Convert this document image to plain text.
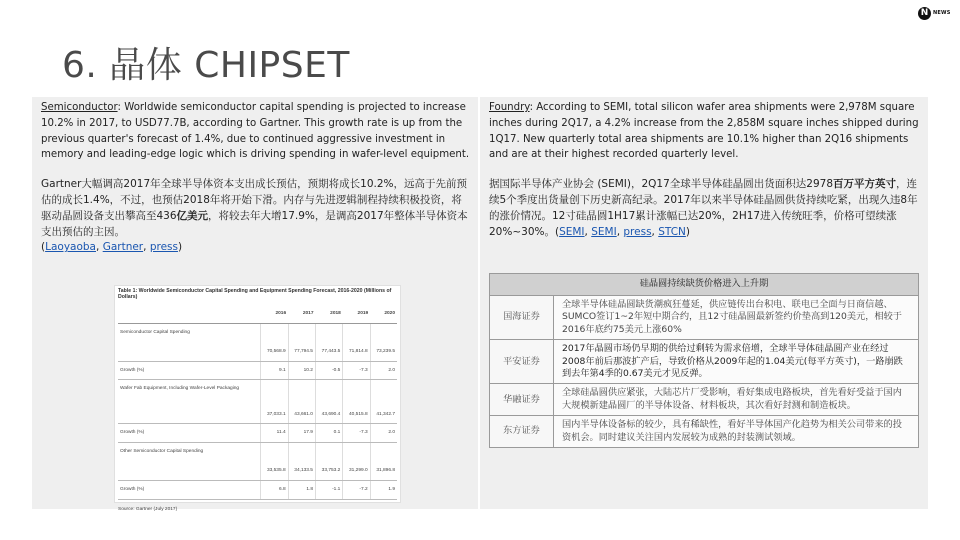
N NEWS
6. 晶体 CHIPSET

Semiconductor: Worldwide semiconductor capital spending is projected to increase 10.2% in 2017, to USD77.7B, according to Gartner. This growth rate is up from the previous quarter's forecast of 1.4%, due to continued aggressive investment in memory and leading-edge logic which is driving spending in wafer-level equipment.

Gartner大幅调高2017年全球半导体资本支出成长预估，预期将成长10.2%，远高于先前预估的成长1.4%，不过，也预估2018年将开始下滑。内存与先进逻辑制程持续积极投资，将驱动晶圆设备支出攀高至436亿美元，将较去年大增17.9%，是调高2017年整体半导体资本支出预估的主因。
(Laoyaoba, Gartner, press)

Table 1: Worldwide Semiconductor Capital Spending and Equipment Spending Forecast, 2016-2020 (Millions of Dollars)
	2016	2017	2018	2019	2020
Semiconductor Capital Spending	70,568.9	77,794.5	77,443.5	71,814.8	73,239.5
Growth (%)	9.1	10.2	-0.5	-7.3	2.0
Wafer Fab Equipment, Including Wafer-Level Packaging	37,033.1	43,661.0	43,690.4	40,515.8	41,342.7
Growth (%)	11.4	17.9	0.1	-7.3	2.0
Other Semiconductor Capital Spending	33,535.8	34,133.5	33,753.2	31,299.0	31,896.8
Growth (%)	6.8	1.8	-1.1	-7.2	1.9
Source: Gartner (July 2017)

Foundry: According to SEMI, total silicon wafer area shipments were 2,978M square inches during 2Q17, a 4.2% increase from the 2,858M square inches shipped during 1Q17. New quarterly total area shipments are 10.1% higher than 2Q16 shipments and are at their highest recorded quarterly level.

据国际半导体产业协会 (SEMI)，2Q17全球半导体硅晶圆出货面积达2978百万平方英寸，连续5个季度出货量创下历史新高纪录。2017年以来半导体硅晶圆供货持续吃紧，出现久违8年的涨价情况。12寸硅晶圆1H17累计涨幅已达20%，2H17进入传统旺季，价格可望续涨20%~30%。(SEMI, SEMI, press, STCN)

硅晶圆持续缺货价格进入上升期	
国海证券	全球半导体硅晶圆缺货潮疯狂蔓延，供应链传出台积电、联电已全面与日商信越、SUMCO签订1~2年短中期合约，且12寸硅晶圆最新签约价垫高到120美元，相较于2016年底约75美元上涨60%
平安证券	2017年晶圆市场仍早期的供给过剩转为需求倍增，全球半导体硅晶圆产业在经过2008年前后那波扩产后，导致价格从2009年起的1.04美元(每平方英寸)，一路崩跌到去年第4季的0.67美元才见反弹。
华融证券	全球硅晶圆供应紧张，大陆芯片厂受影响，看好集成电路板块，首先看好受益于国内大规模新建晶圆厂的半导体设备、材料板块，其次看好封测和制造板块。
东方证券	国内半导体设备标的较少，具有稀缺性，看好半导体国产化趋势为相关公司带来的投资机会。同时建议关注国内发展较为成熟的封装测试领域。
